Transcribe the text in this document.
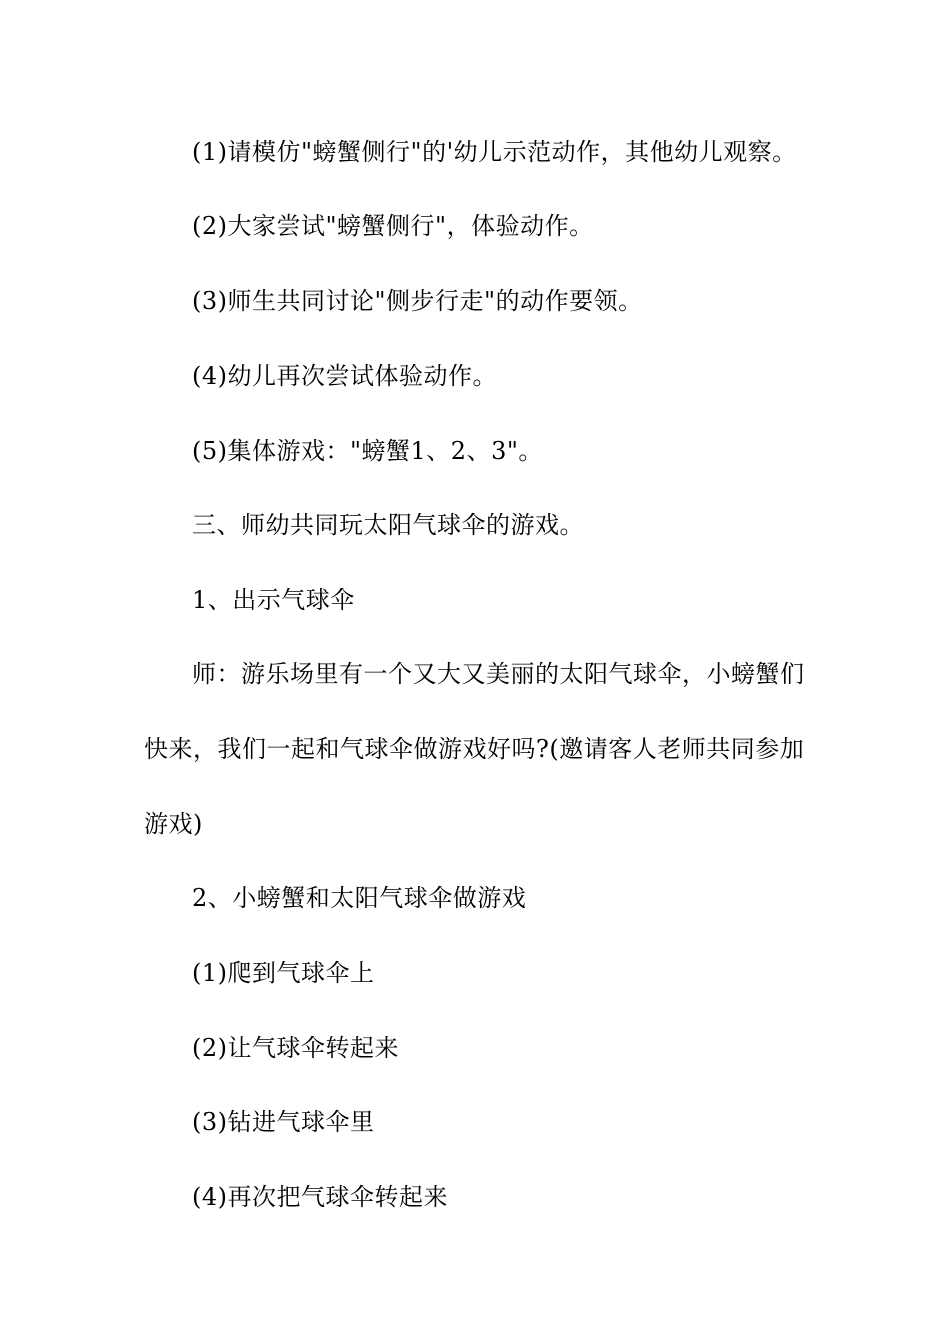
(1)请模仿"螃蟹侧行"的'幼儿示范动作，其他幼儿观察。
(2)大家尝试"螃蟹侧行"，体验动作。
(3)师生共同讨论"侧步行走"的动作要领。
(4)幼儿再次尝试体验动作。
(5)集体游戏："螃蟹1、2、3"。
三、师幼共同玩太阳气球伞的游戏。
1、出示气球伞
师：游乐场里有一个又大又美丽的太阳气球伞，小螃蟹们
快来，我们一起和气球伞做游戏好吗?(邀请客人老师共同参加
游戏)
2、小螃蟹和太阳气球伞做游戏
(1)爬到气球伞上
(2)让气球伞转起来
(3)钻进气球伞里
(4)再次把气球伞转起来
